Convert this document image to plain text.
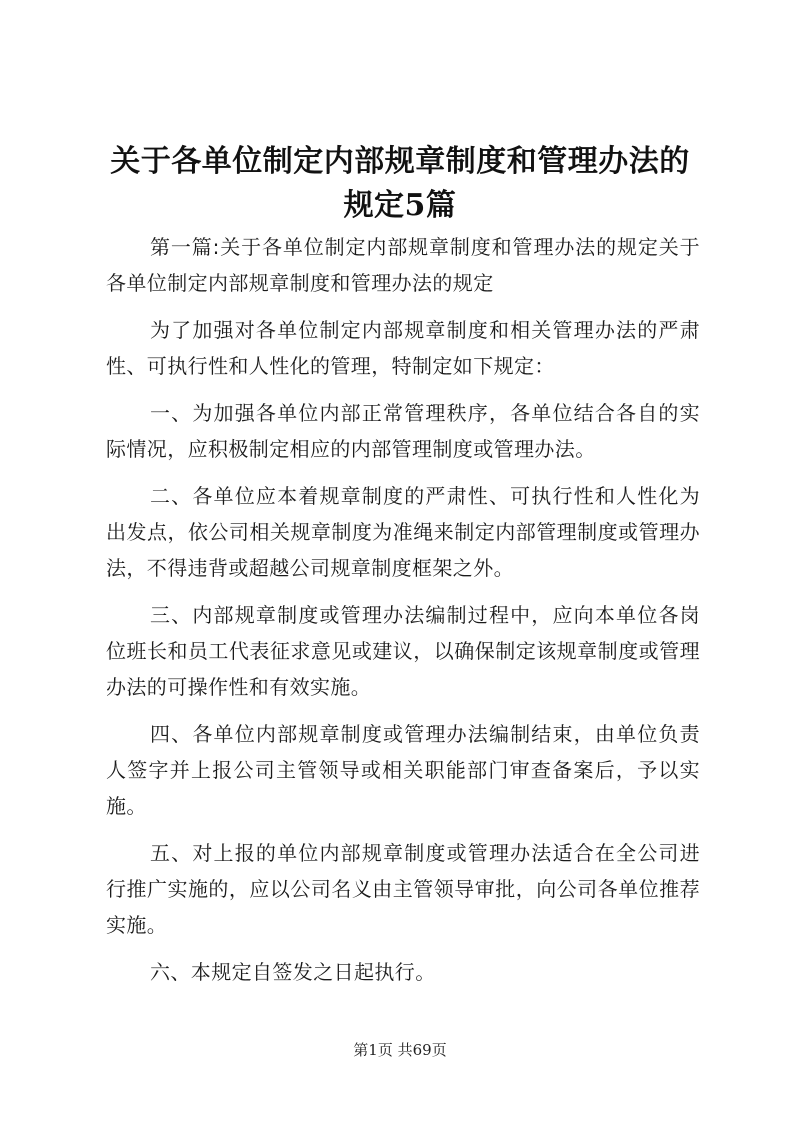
关于各单位制定内部规章制度和管理办法的规定5篇

第一篇:关于各单位制定内部规章制度和管理办法的规定关于各单位制定内部规章制度和管理办法的规定

为了加强对各单位制定内部规章制度和相关管理办法的严肃性、可执行性和人性化的管理，特制定如下规定：

一、为加强各单位内部正常管理秩序，各单位结合各自的实际情况，应积极制定相应的内部管理制度或管理办法。

二、各单位应本着规章制度的严肃性、可执行性和人性化为出发点，依公司相关规章制度为准绳来制定内部管理制度或管理办法，不得违背或超越公司规章制度框架之外。

三、内部规章制度或管理办法编制过程中，应向本单位各岗位班长和员工代表征求意见或建议，以确保制定该规章制度或管理办法的可操作性和有效实施。

四、各单位内部规章制度或管理办法编制结束，由单位负责人签字并上报公司主管领导或相关职能部门审查备案后，予以实施。

五、对上报的单位内部规章制度或管理办法适合在全公司进行推广实施的，应以公司名义由主管领导审批，向公司各单位推荐实施。

六、本规定自签发之日起执行。

第1页 共69页
